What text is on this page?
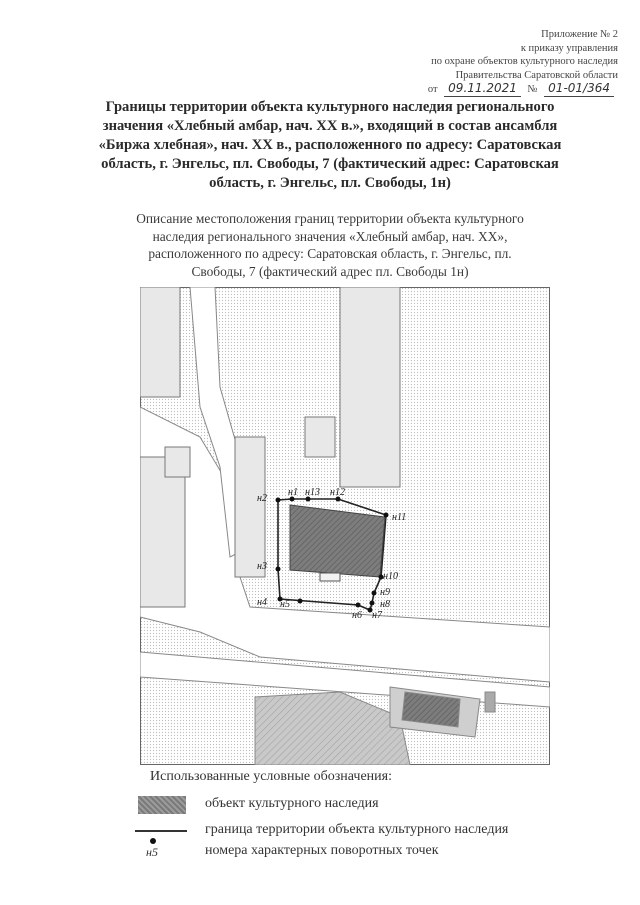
Приложение № 2
к приказу управления
по охране объектов культурного наследия
Правительства Саратовской области
от 09.11.2021 № 01-01/364
Границы территории объекта культурного наследия регионального значения «Хлебный амбар, нач. XX в.», входящий в состав ансамбля «Биржа хлебная», нач. XX в., расположенного по адресу: Саратовская область, г. Энгельс, пл. Свободы, 7 (фактический адрес: Саратовская область, г. Энгельс, пл. Свободы, 1н)
Описание местоположения границ территории объекта культурного наследия регионального значения «Хлебный амбар, нач. XX», расположенного по адресу: Саратовская область, г. Энгельс, пл. Свободы, 7 (фактический адрес пл. Свободы 1н)
н1
н2
н3
н4 н5
н6 н7
н8
н9
н10
н11
н12
н13
Использованные условные обозначения:
объект культурного наследия
граница территории объекта культурного наследия
н5	номера характерных поворотных точек
